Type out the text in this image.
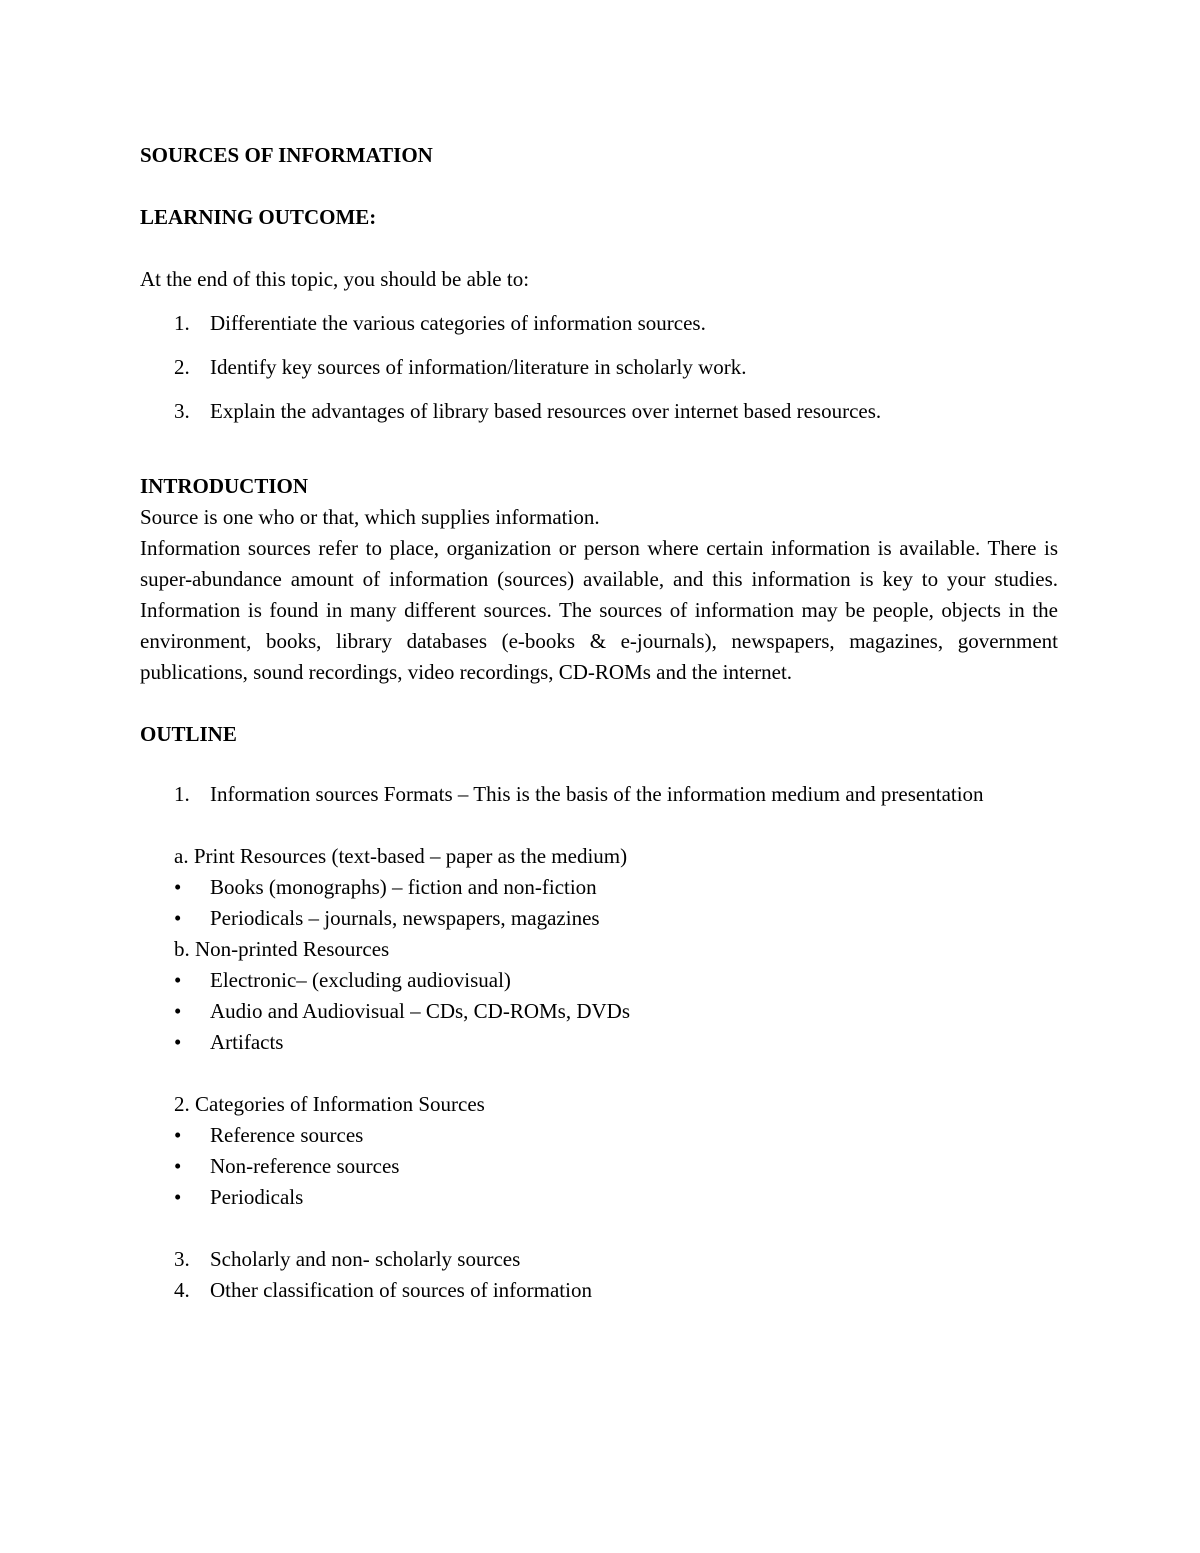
SOURCES OF INFORMATION

LEARNING OUTCOME:

At the end of this topic, you should be able to:

1. Differentiate the various categories of information sources.
2. Identify key sources of information/literature in scholarly work.
3. Explain the advantages of library based resources over internet based resources.

INTRODUCTION

Source is one who or that, which supplies information.

Information sources refer to place, organization or person where certain information is available. There is super-abundance amount of information (sources) available, and this information is key to your studies. Information is found in many different sources. The sources of information may be people, objects in the environment, books, library databases (e-books & e-journals), newspapers, magazines, government publications, sound recordings, video recordings, CD-ROMs and the internet.

OUTLINE

1. Information sources Formats – This is the basis of the information medium and presentation

a. Print Resources (text-based – paper as the medium)

• Books (monographs) – fiction and non-fiction
• Periodicals – journals, newspapers, magazines

b. Non-printed Resources

• Electronic– (excluding audiovisual)
• Audio and Audiovisual – CDs, CD-ROMs, DVDs
• Artifacts

2. Categories of Information Sources

• Reference sources
• Non-reference sources
• Periodicals
3. Scholarly and non- scholarly sources
4. Other classification of sources of information
